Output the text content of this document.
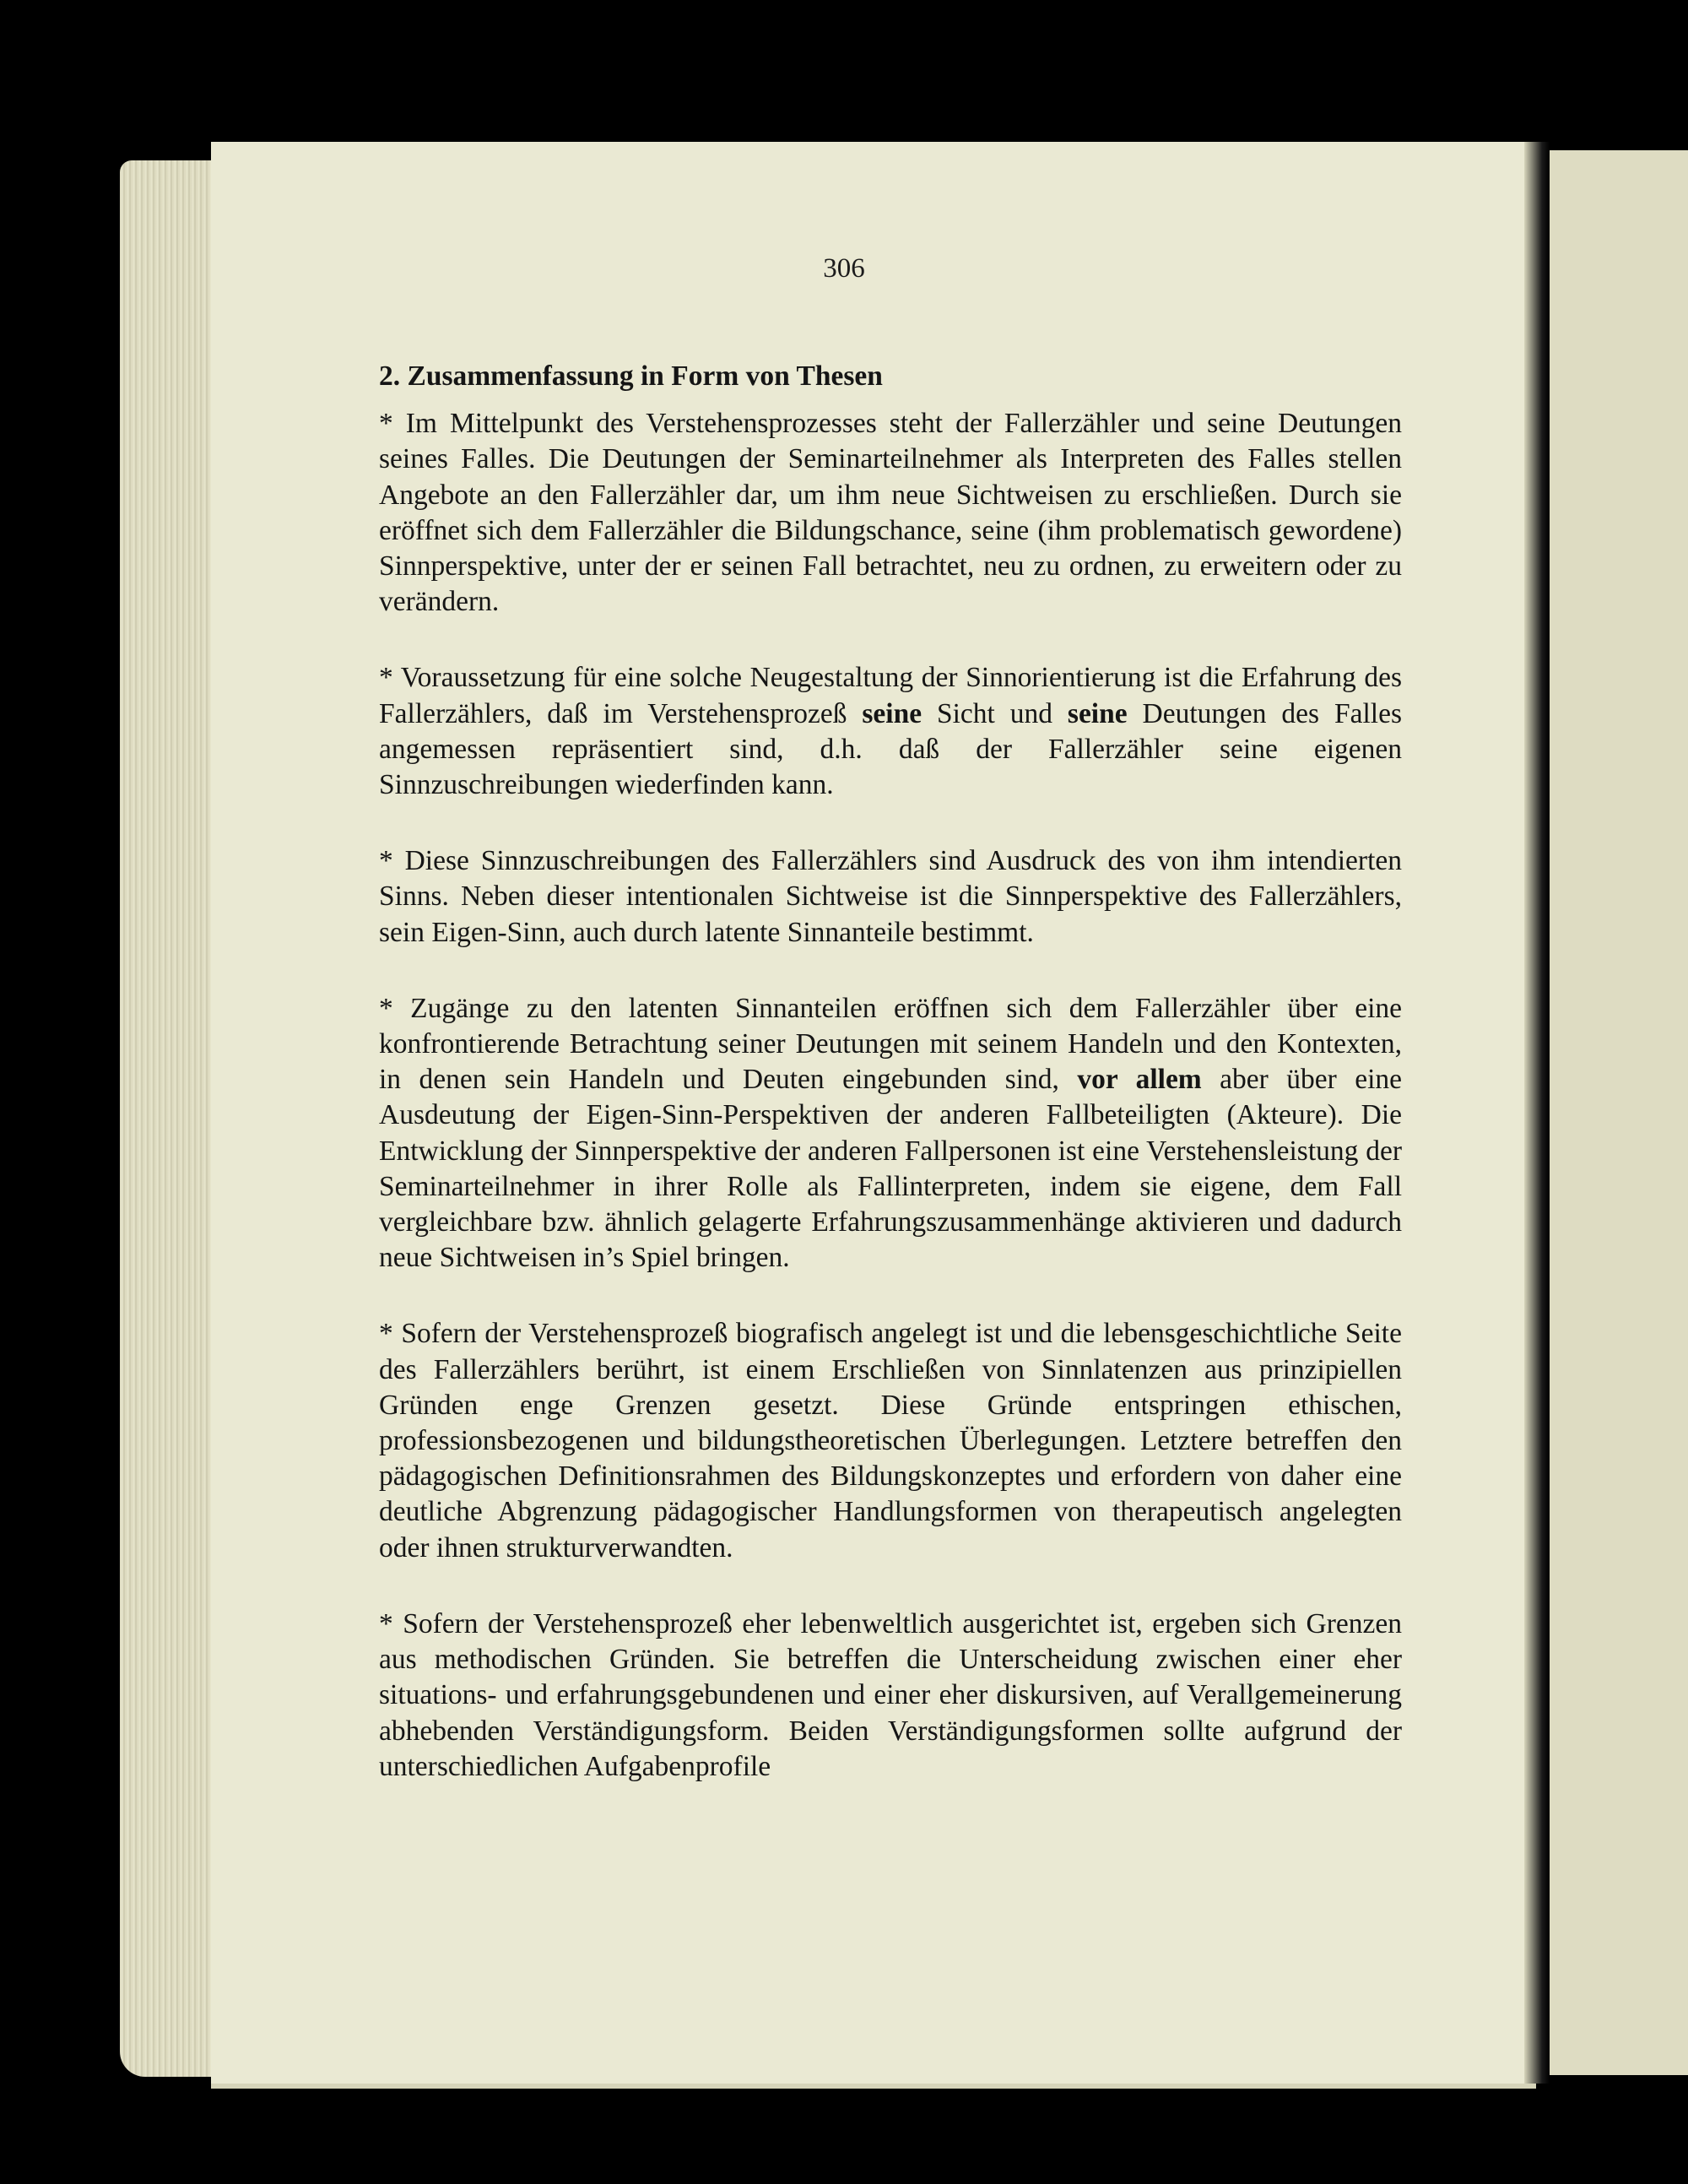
306

2. Zusammenfassung in Form von Thesen

* Im Mittelpunkt des Verstehensprozesses steht der Fallerzähler und seine Deutungen seines Falles. Die Deutungen der Seminarteilnehmer als Interpreten des Falles stellen Angebote an den Fallerzähler dar, um ihm neue Sichtweisen zu erschließen. Durch sie eröffnet sich dem Fallerzähler die Bildungschance, seine (ihm problematisch gewordene) Sinnperspektive, unter der er seinen Fall betrachtet, neu zu ordnen, zu erweitern oder zu verändern.

* Voraussetzung für eine solche Neugestaltung der Sinnorientierung ist die Erfahrung des Fallerzählers, daß im Verstehensprozeß seine Sicht und seine Deutungen des Falles angemessen repräsentiert sind, d.h. daß der Fallerzähler seine eigenen Sinnzuschreibungen wiederfinden kann.

* Diese Sinnzuschreibungen des Fallerzählers sind Ausdruck des von ihm intendierten Sinns. Neben dieser intentionalen Sichtweise ist die Sinnperspektive des Fallerzählers, sein Eigen-Sinn, auch durch latente Sinnanteile bestimmt.

* Zugänge zu den latenten Sinnanteilen eröffnen sich dem Fallerzähler über eine konfrontierende Betrachtung seiner Deutungen mit seinem Handeln und den Kontexten, in denen sein Handeln und Deuten eingebunden sind, vor allem aber über eine Ausdeutung der Eigen-Sinn-Perspektiven der anderen Fallbeteiligten (Akteure). Die Entwicklung der Sinnperspektive der anderen Fallpersonen ist eine Verstehensleistung der Seminarteilnehmer in ihrer Rolle als Fallinterpreten, indem sie eigene, dem Fall vergleichbare bzw. ähnlich gelagerte Erfahrungszusammenhänge aktivieren und dadurch neue Sichtweisen in’s Spiel bringen.

* Sofern der Verstehensprozeß biografisch angelegt ist und die lebensgeschichtliche Seite des Fallerzählers berührt, ist einem Erschließen von Sinnlatenzen aus prinzipiellen Gründen enge Grenzen gesetzt. Diese Gründe entspringen ethischen, professionsbezogenen und bildungstheoretischen Überlegungen. Letztere betreffen den pädagogischen Definitionsrahmen des Bildungskonzeptes und erfordern von daher eine deutliche Abgrenzung pädagogischer Handlungsformen von therapeutisch angelegten oder ihnen strukturverwandten.

* Sofern der Verstehensprozeß eher lebenweltlich ausgerichtet ist, ergeben sich Grenzen aus methodischen Gründen. Sie betreffen die Unterscheidung zwischen einer eher situations- und erfahrungsgebundenen und einer eher diskursiven, auf Verallgemeinerung abhebenden Verständigungsform. Beiden Verständigungsformen sollte aufgrund der unterschiedlichen Aufgabenprofile
